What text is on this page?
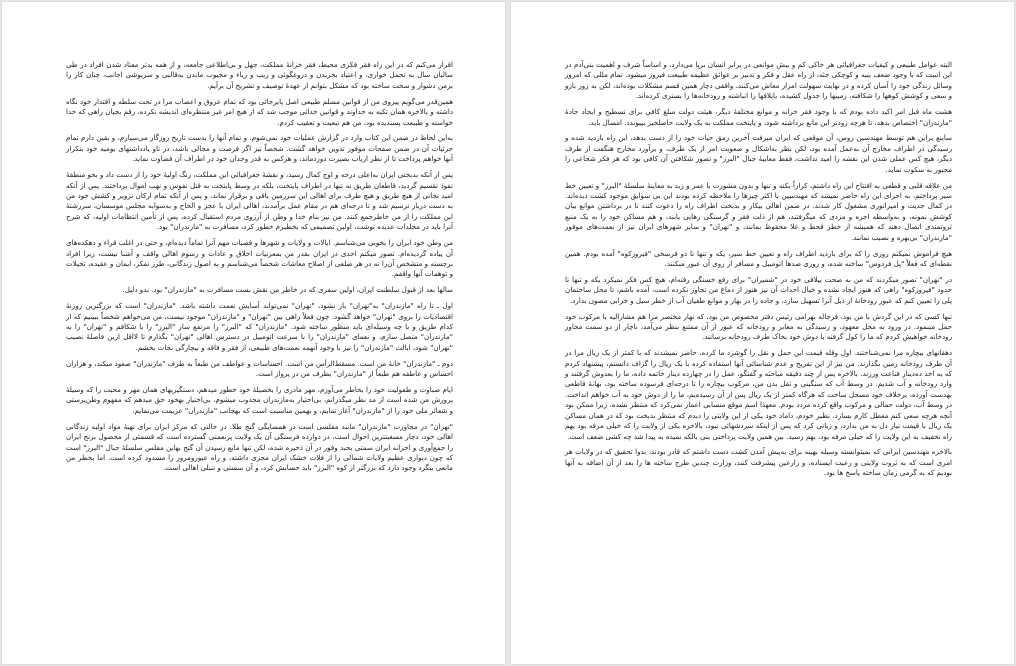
اقرار می‌کنم که در این راه فقر فکری محیط، فقر خزانهٔ مملکت، جهل و بی‌اطلاعی جامعه، و از همه بدتر معتاد شدن افراد در طی سالیان سال به تحمل خواری، و اعتیاد بخزیدن و دروغگوئی و ریب و ریاء و مجبوب ماندن به‌قالبی و سرپوشی اجانب، چنان کار را برمن دشوار و سخت ساخته بود که مشکل بتوانم از عهدهٔ توصیف و تشریح آن برآیم.

همین‌قدر می‌گویم پیروی من از قوانین مسلم طبیعی اصل پایرجائی بود که تمام عروق و اعصاب مرا در تحت سلطه و اقتدار خود نگاه داشته و بالاخره همان تکیه به خداوند و قوانین خدائی موجب شد که از هیچ امر غیر منتظره‌ای اندیشه نکرده، رقم بخیان راهی که خدا خواسته و طبیعت پسندیده بود، من هم تبعیت و تعقیب کردم.

به‌این لحاظ در ضمن این کتاب وارد در گزارش عملیات خود نمی‌شوم، و تمام آنها را بدست تاریخ روزگار می‌سپارم، و یقین دارم تمام جزئیات آن در ضمن صفحات موفور تدوین خواهد گشت. شخصاً نیز اگر فرصت و مجالی باشد، در تاو یادداشتهای یومیه خود بتکرار آنها خواهم پرداخت تا از نظر ارباب بصیرت دوردماند، و هرکس به قدر وجدان خود در اطراف آن قضاوت نماید.

پس از آنکه بدبختی ایران به‌اعلی درجه و اوج کمال رسید، و نقشهٔ جغرافیائی این مملکت، زنگ اولیهٔ خود را از دست داد و بخو منطقهٔ نفوذ تقسیم گردید، قاطعان طریق نه تنها در اطراف پایتخت، بلکه در وسط پایتخت به قتل نفوس و نهب اموال پرداختند. پس از آنکه امید نجاتی از هیچ طریق و هیچ طرف برای اهالی این سرزمین باقی و برقرار نماند، و پس از آنکه تمام ارکان تزویر و کشش خود من به دست دربار ترسیم شد و تا درجه‌ای هم در مقام عمل برآمدند، اهالی ایران با عجز و الحاح و به‌سوابه مجلس موسسان، سررشتهٔ این مملکت را از من خاطرجمع کنند. من نیز بنام خدا و وطن از آرزوی مردم استقبال کرده، پس از تأمین انتظامات اولیه، که شرح آنرا باید در مجلدات عدیده نوشت، اولین تصمیمی که بخطیرم خطور کرد، مسافرت به "مازندران" بود.

من وطن خود ایران را بخوبی می‌شناسم. ایالات و ولایات و شهرها و قصبات مهم آنرا تماماً دیده‌ام، و حتی در اغلب قراء و دهکده‌های آن پیاده گردیده‌ام. تصور میکنم احدی در ایران بقدر من بمعزنیات اخلاق و عادات و رسوم اهالی واقف و آشنا نیست، زیرا افراد برجسته و متشخص آن‌را نه در هر ضلعی از اصلاح معاشات شخصاً می‌شناسم و به اصول زندگانی، طرز تفکر، ایمان و عقیده، تخیلات و توهمات آنها واقفم.

سالها بعد از قبول سلطنت ایران، اولین سفری که در خاطر من نقش بست مسافرت به "مازندران" بود. بدو دلیل.

اول ـ تا راه "مازندران" به"تهران" باز نشود، "تهران" نمی‌تواند آسایش نعمت داشته باشد. "مازندران" است که بزرگترین روزنهٔ اقتصادیات را بروی "تهران" خواهد گشود. چون فعلاً راهی بین "تهران" و "مازندران" موجود نیست، من می‌خواهم شخصاً ببینیم که از کدام طریق و با چه وسیله‌ای باید منظور ساخته شود. "مازندران" که "البرز" را مرتفع ساز "البرز" را با شکافم و "تهران" را به "مازندران" متصل سازم، و نعمای "مازندران" را با سرعت اتومبیل در دسترس اهالی "تهران" بگذارم تا لااقل ازین فاصلهٔ نصیب "تهران" شود، ایالت "مازندران" را نیز با وجود آنهمه نعمت‌های طبیعی، از فقر و فاقه و بیچارگی نجات بخشم.

دوم ـ "مازندران" خانهٔ من است. مسقط‌الرأس من است. احساسات و عواطف من طبعاً به طرف "مازندران" صعود میکند، و هزاران احساس و عاطفه هم طبعاً از "مازندران" بطرف من در پرواز است.

ایام صباوت و طفولیت خود را بخاطر می‌آورم، مهر مادری را بخصیلهٔ خود خطور میدهم، دستگیریهای همان مهر و محبت را که وسیلهٔ پرورش من شده است از مد نظر میگذرانم، بی‌اختیار به‌مازندران مجذوب میشوم. بی‌اختیار بهخود حق میدهم که مفهوم وطن‌پرستی و شعائر ملی خود را از "مازندران" آغاز نمایم، و بهمین مناسبت است که بهجانب "مازندران" عزیمت می‌نمایم.

"تهران" در مجاورت "مازندران" مانند مفلسی است در همسایگی گنج طلا. در حالتی که مرکز ایران برای تهیهٔ مواد اولیه زندگانی اهالی خود، دچار مسغبتترین احوال است، در دوازده فرسنگی آن یک ولایت پرنعمتی گسترده است که قسمتی از محصول برنج ایران را جمع‌آوری و اخزانه ایران سمتی بحبد وفور در آن ذخیره شده، لکن تنها مانع رسیدن آن گنج بهاین مفلس سلسلهٔ جبال "البرز" است که چون دیواری عظیم ولایات شمالی را از فلات خشک ایران مجزی داشته، و راه عبورومرور را مسدود کرده است. اما بخطر من مانعی بنگرد وجود دارد که بزرگتر از کوه "البرز" باید حسابش کرد، و آن سستی و تنبلی اهالی است.

البته عوامل طبیعی و کیفیات جغرافیائی هر خاکی کم و بیش موانعی در برابر انسان برپا می‌دارد، و اساساً شرف و اهمیت بنی‌آدم در این است که با وجود ضعف بنیه و کوچکی جثه، از راه عقل و فکر و تدبیر بر عوائق عظیمه طبیعت فیروز میشود. تمام مللی که امروز وسائل زندگی خود را آسان کرده و در نهایت سهولت امرار معاش می‌کنند، واقفی دچار همین قسم مشکلات بوده‌اند، لکن به زور بازو و سعی و کوشش کوهها را شکافته، زمینها را جدول کشیده، باتلاقها را انباشته و رودخانه‌ها را بستری کرده‌اند.

هشت ماه قبل امر اکید داده بودم که با وجود فقر خزانه و موانع مختلفهٔ دیگر، هیئت دولت مبلغ کافی برای تسطیح و ایجاد جادهٔ "مازندران" اختصاص بدهد، تا هرچه زودتر این مانع برداشته شود، و پایتخت مملکت به یک ولایت حاصلخیز بپیوندد. امسال باید.

ساینع براین هم توسط مهندسین روس، آن موقعی که ایران میرفت آخرین رمق حیات خود را از دست بدهد، این راه بازدید شده و رسیدگی در اطراف مخارج آن به‌عمل آمده بود، لکن نظر به‌اشکال و صعوبت امر از یک طرف، و برآورد مخارج هنگفت از طرف دیگر، هیچ کس عملی شدن این نقشه را امید نداشت، فقط معایبهٔ جبال "البرز" و تصور شکافتن آن کافی بود که هر فکر شجاعی را مجبور به سکوت نماید.

من علاقه قلبی و قطعی به افتتاح این راه داشتم، کراراً بکنه و تنها و بدون مشورت با عمر و زید به معاینهٔ سلسلهٔ "البرز" و تعیین خط سیر پرداختم، به اجرای این راه حاضر نمیشد که مهندسین با اکثر چیزها را ملاحظه کرده بودند این بی سوابق موجود کشت دیده‌اند. در کمال جدیت و امپراتوری مشغول کار شدند. در ضمن اهالی بیکار و بدبخت اطراف راه را دعوت کنند تا در برداشتن موانع بیان کوشش نمونه، و به‌واسطه اجره و مزدی که میگرفتند، هم از ذلت فقر و گرسنگی رهایی یابند، و هم مساکن خود را به یک منبع ثروتمندی اتصال دهند که همیشه از خطر قحط و غلا محفوظ بمانند، و "تهران" و سایر شهرهای ایران نیز از نعمت‌های موفور "مازندران" بی‌بهره و نصیب نمانند.

هیچ فراموش نمیکنم روزی را که برای بازدید اطراف راه و تعیین خط سیر، یکه و تنها تا دو فرسخی "فیروزکوه" آمده بودم. همین نقطه‌ای که فعلاً "پل فردوس" ساخته شده، و روزی صدها اتومبیل و مسافر از روی آن عبور میکنند.

در "تهران" تصور میکردند که من به صحت بیلاقی خود در "شمیران" برای رفع خستگی رفته‌ام، هیچ کس فکر نمیکرد یکه و تنها تا حدود "فیروزکوه" راهی که هنوز ایجاد نشده و خیال احداث آن نیز هنوز از دماغ من تجاوز نکرده است، آمده باشم، تا محل ساختمان پلی را تعیین کنم که عبور رودخانهٔ از ذیل آنرا تسهیل سازد، و جاده را در بهار و موانع طغیان آب از خطر سیل و خرابی مصون بدارد.

تنها کسی که در این گردش با من بود، فرجاله بهرامی رئیس دفتر مخصوص من بود، که نهار مختصر مرا هم مشارالیه با مرکوب خود حمل مینمود. در ورود به محل معهود، و رسیدگی به معابر و رودخانه که عبور از آن ممتنع بنظر می‌آمد، ناچار از دو سمت مجاور رودخانه خواهیش کردم که ما را کول گرفته با دوش خود بخاک طرف رودخانه برسانند.

دهقانهای بیچاره مرا نمی‌شناختند. اول وقله قیمت این حمل و نقل را گوشزد ما کرده، حاضر نمیشدند که با کمتر از یک ریال مرا در آن طرف رودخانه زمین بگذارند. من نیز از این تفریح و عدم شناسائی آنها استفاده کرده با یک ریال را گزاف دانستم، پیشنهاد کردم که به اخذ ده‌دینار قناعت ورزند. بالاخره پس از چند دقیقه مباحثه و گفتگو، عمل را در چهارده دینار خاتمه داده، ما را بعدوش گرفتند و وارد رودخانه و آب شدیم. در وسط آب که سنگینی و ثقل بدن من، مرکوب بیچاره را تا درجه‌ای فرسوده ساخته بود، بهانهٔ قاطعی بهدست آورده، برخلاف خود مسجل ساخت که هرگاه کمتر از یک ریال پس از آن رسیده‌یم، ما را از دوش خود به آب خواهم انداخت. در وسط آب، دولت حمالی و مرکوب واقع کرده مردد بودم. معهذا اسم موقع منسابی اعمار نمی‌کرد که منتظر نشده، زیرا ممکن بود آنچه هرچه سعی کنم معطل کارم بسازد. نظیر خودم، داماد خود یکی از این ولایتی را دیدم که منتظر بدبخت بود که در همان مساکن یک ریال با قیمت نیاز دل به من بدارد، و زبانی کرد که پس از اینکه سردشهائی نبود، بالاخره یکی از ولایت را که خیلی مرفه بود بهم راه تخفیف به این ولایت را که خیلی مرفه بود، بهم رسید. بین همین ولایت پرداختی بنی بالکه نمیده به پیدا شد چه کشی ضعف است.

بالاخره مهندسین ایرانی که نمیتوانسته وسیله بهینه برای به‌پیش آمدن کشت دست داشتم که قادر بودند، بدوا تحقیق که در ولایات هر امری است که به ثروت ولایتی و رعیت ایستاده، و زارعین پیشرفت کنند، وزارت چندین طرح ساخته ها را بعد از آن اضافه به آنها بودیم که به گرمی زمان ساخته پاسخ ها بود.
